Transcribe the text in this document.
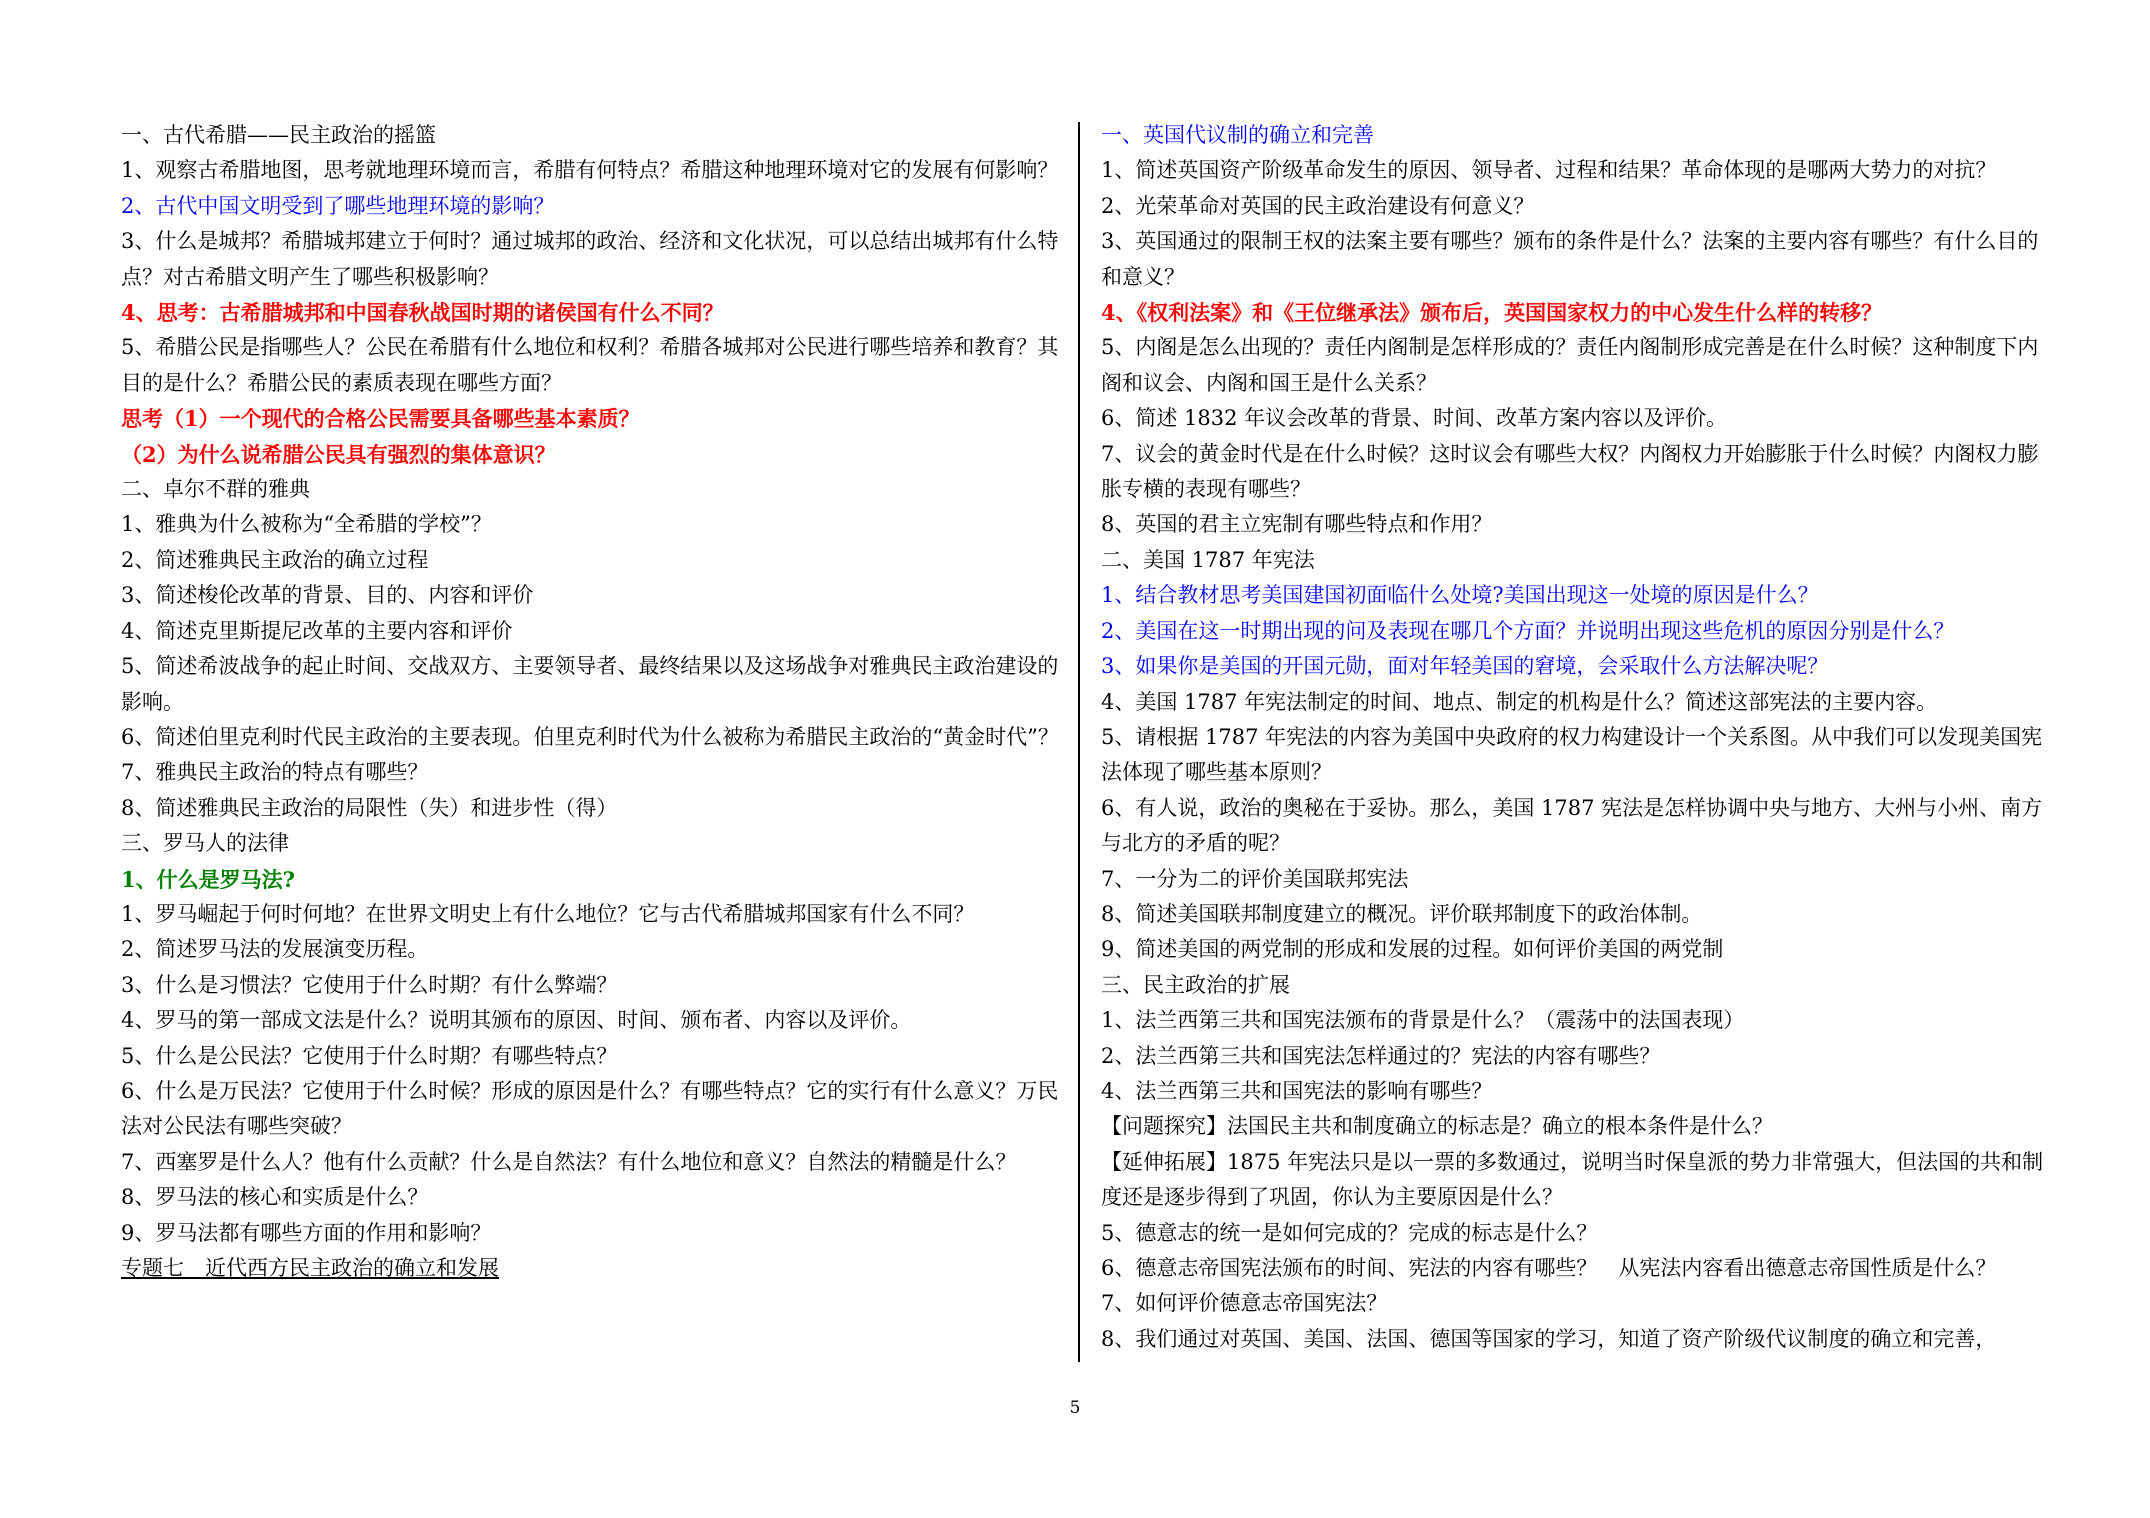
一、古代希腊——民主政治的摇篮
1、观察古希腊地图，思考就地理环境而言，希腊有何特点？希腊这种地理环境对它的发展有何影响？
2、古代中国文明受到了哪些地理环境的影响？
3、什么是城邦？希腊城邦建立于何时？通过城邦的政治、经济和文化状况，可以总结出城邦有什么特点？对古希腊文明产生了哪些积极影响？
4、思考：古希腊城邦和中国春秋战国时期的诸侯国有什么不同？
5、希腊公民是指哪些人？公民在希腊有什么地位和权利？希腊各城邦对公民进行哪些培养和教育？其目的是什么？希腊公民的素质表现在哪些方面？
思考（1）一个现代的合格公民需要具备哪些基本素质？
（2）为什么说希腊公民具有强烈的集体意识？
二、卓尔不群的雅典
1、雅典为什么被称为“全希腊的学校”？
2、简述雅典民主政治的确立过程
3、简述梭伦改革的背景、目的、内容和评价
4、简述克里斯提尼改革的主要内容和评价
5、简述希波战争的起止时间、交战双方、主要领导者、最终结果以及这场战争对雅典民主政治建设的影响。
6、简述伯里克利时代民主政治的主要表现。伯里克利时代为什么被称为希腊民主政治的“黄金时代”？
7、雅典民主政治的特点有哪些？
8、简述雅典民主政治的局限性（失）和进步性（得）
三、罗马人的法律
1、什么是罗马法?
1、罗马崛起于何时何地？在世界文明史上有什么地位？它与古代希腊城邦国家有什么不同？
2、简述罗马法的发展演变历程。
3、什么是习惯法？它使用于什么时期？有什么弊端？
4、罗马的第一部成文法是什么？说明其颁布的原因、时间、颁布者、内容以及评价。
5、什么是公民法？它使用于什么时期？有哪些特点？
6、什么是万民法？它使用于什么时候？形成的原因是什么？有哪些特点？它的实行有什么意义？万民法对公民法有哪些突破？
7、西塞罗是什么人？他有什么贡献？什么是自然法？有什么地位和意义？自然法的精髓是什么？
8、罗马法的核心和实质是什么？
9、罗马法都有哪些方面的作用和影响？
专题七　近代西方民主政治的确立和发展
一、英国代议制的确立和完善
1、简述英国资产阶级革命发生的原因、领导者、过程和结果？革命体现的是哪两大势力的对抗？
2、光荣革命对英国的民主政治建设有何意义？
3、英国通过的限制王权的法案主要有哪些？颁布的条件是什么？法案的主要内容有哪些？有什么目的和意义？
4、《权利法案》和《王位继承法》颁布后，英国国家权力的中心发生什么样的转移？
5、内阁是怎么出现的？责任内阁制是怎样形成的？责任内阁制形成完善是在什么时候？这种制度下内阁和议会、内阁和国王是什么关系？
6、简述 1832 年议会改革的背景、时间、改革方案内容以及评价。
7、议会的黄金时代是在什么时候？这时议会有哪些大权？内阁权力开始膨胀于什么时候？内阁权力膨胀专横的表现有哪些？
8、英国的君主立宪制有哪些特点和作用？
二、美国 1787 年宪法
1、结合教材思考美国建国初面临什么处境?美国出现这一处境的原因是什么？
2、美国在这一时期出现的问及表现在哪几个方面？并说明出现这些危机的原因分别是什么？
3、如果你是美国的开国元勋，面对年轻美国的窘境，会采取什么方法解决呢？
4、美国 1787 年宪法制定的时间、地点、制定的机构是什么？简述这部宪法的主要内容。
5、请根据 1787 年宪法的内容为美国中央政府的权力构建设计一个关系图。从中我们可以发现美国宪法体现了哪些基本原则？
6、有人说，政治的奥秘在于妥协。那么，美国 1787 宪法是怎样协调中央与地方、大州与小州、南方与北方的矛盾的呢？
7、一分为二的评价美国联邦宪法
8、简述美国联邦制度建立的概况。评价联邦制度下的政治体制。
9、简述美国的两党制的形成和发展的过程。如何评价美国的两党制
三、民主政治的扩展
1、法兰西第三共和国宪法颁布的背景是什么？（震荡中的法国表现）
2、法兰西第三共和国宪法怎样通过的？宪法的内容有哪些？
4、法兰西第三共和国宪法的影响有哪些？
【问题探究】法国民主共和制度确立的标志是？确立的根本条件是什么？
【延伸拓展】1875 年宪法只是以一票的多数通过，说明当时保皇派的势力非常强大，但法国的共和制度还是逐步得到了巩固，你认为主要原因是什么？
5、德意志的统一是如何完成的？完成的标志是什么？
6、德意志帝国宪法颁布的时间、宪法的内容有哪些？　从宪法内容看出德意志帝国性质是什么？
7、如何评价德意志帝国宪法？
8、我们通过对英国、美国、法国、德国等国家的学习，知道了资产阶级代议制度的确立和完善，
5
